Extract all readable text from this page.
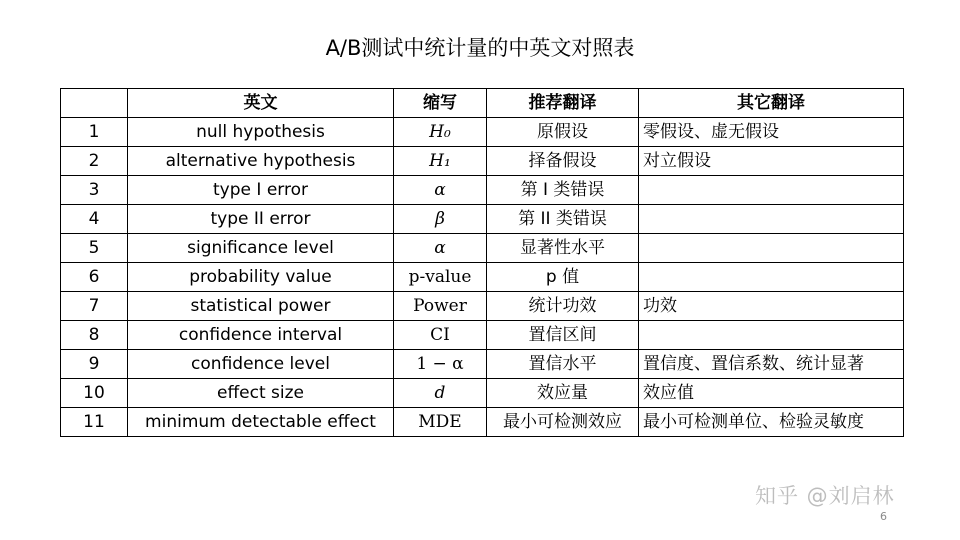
A/B测试中统计量的中英文对照表
	英文	缩写	推荐翻译	其它翻译
1	null hypothesis	H₀	原假设	零假设、虚无假设
2	alternative hypothesis	H₁	择备假设	对立假设
3	type I error	α	第 I 类错误	
4	type II error	β	第 II 类错误	
5	significance level	α	显著性水平	
6	probability value	p-value	p 值	
7	statistical power	Power	统计功效	功效
8	confidence interval	CI	置信区间	
9	confidence level	1 − α	置信水平	置信度、置信系数、统计显著
10	effect size	d	效应量	效应值
11	minimum detectable effect	MDE	最小可检测效应	最小可检测单位、检验灵敏度
知乎 @刘启林
6
